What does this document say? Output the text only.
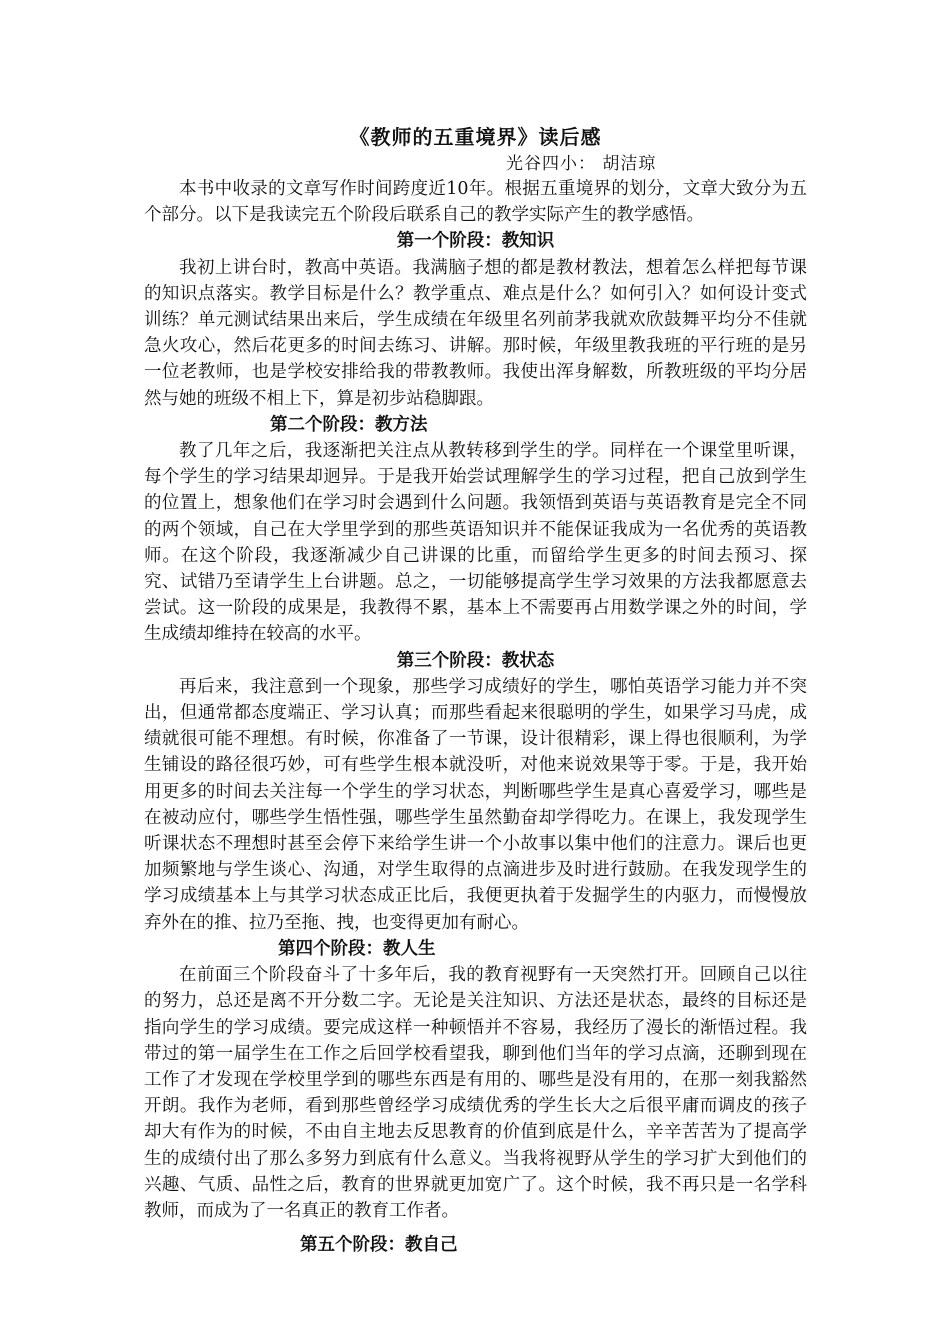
《教师的五重境界》读后感

光谷四小： 胡洁琼

本书中收录的文章写作时间跨度近10年。根据五重境界的划分，文章大致分为五个部分。以下是我读完五个阶段后联系自己的教学实际产生的教学感悟。

第一个阶段：教知识

我初上讲台时，教高中英语。我满脑子想的都是教材教法，想着怎么样把每节课的知识点落实。教学目标是什么？教学重点、难点是什么？如何引入？如何设计变式训练？单元测试结果出来后，学生成绩在年级里名列前茅我就欢欣鼓舞平均分不佳就急火攻心，然后花更多的时间去练习、讲解。那时候，年级里教我班的平行班的是另一位老教师，也是学校安排给我的带教教师。我使出浑身解数，所教班级的平均分居然与她的班级不相上下，算是初步站稳脚跟。

第二个阶段：教方法

教了几年之后，我逐渐把关注点从教转移到学生的学。同样在一个课堂里听课，每个学生的学习结果却迥异。于是我开始尝试理解学生的学习过程，把自己放到学生的位置上，想象他们在学习时会遇到什么问题。我领悟到英语与英语教育是完全不同的两个领域，自己在大学里学到的那些英语知识并不能保证我成为一名优秀的英语教师。在这个阶段，我逐渐减少自己讲课的比重，而留给学生更多的时间去预习、探究、试错乃至请学生上台讲题。总之，一切能够提高学生学习效果的方法我都愿意去尝试。这一阶段的成果是，我教得不累，基本上不需要再占用数学课之外的时间，学生成绩却维持在较高的水平。

第三个阶段：教状态

再后来，我注意到一个现象，那些学习成绩好的学生，哪怕英语学习能力并不突出，但通常都态度端正、学习认真；而那些看起来很聪明的学生，如果学习马虎，成绩就很可能不理想。有时候，你准备了一节课，设计很精彩，课上得也很顺利，为学生铺设的路径很巧妙，可有些学生根本就没听，对他来说效果等于零。于是，我开始用更多的时间去关注每一个学生的学习状态，判断哪些学生是真心喜爱学习，哪些是在被动应付，哪些学生悟性强，哪些学生虽然勤奋却学得吃力。在课上，我发现学生听课状态不理想时甚至会停下来给学生讲一个小故事以集中他们的注意力。课后也更加频繁地与学生谈心、沟通，对学生取得的点滴进步及时进行鼓励。在我发现学生的学习成绩基本上与其学习状态成正比后，我便更执着于发掘学生的内驱力，而慢慢放弃外在的推、拉乃至拖、拽，也变得更加有耐心。

第四个阶段：教人生

在前面三个阶段奋斗了十多年后，我的教育视野有一天突然打开。回顾自己以往的努力，总还是离不开分数二字。无论是关注知识、方法还是状态，最终的目标还是指向学生的学习成绩。要完成这样一种顿悟并不容易，我经历了漫长的渐悟过程。我带过的第一届学生在工作之后回学校看望我，聊到他们当年的学习点滴，还聊到现在工作了才发现在学校里学到的哪些东西是有用的、哪些是没有用的，在那一刻我豁然开朗。我作为老师，看到那些曾经学习成绩优秀的学生长大之后很平庸而调皮的孩子却大有作为的时候，不由自主地去反思教育的价值到底是什么，辛辛苦苦为了提高学生的成绩付出了那么多努力到底有什么意义。当我将视野从学生的学习扩大到他们的兴趣、气质、品性之后，教育的世界就更加宽广了。这个时候，我不再只是一名学科教师，而成为了一名真正的教育工作者。

第五个阶段：教自己
